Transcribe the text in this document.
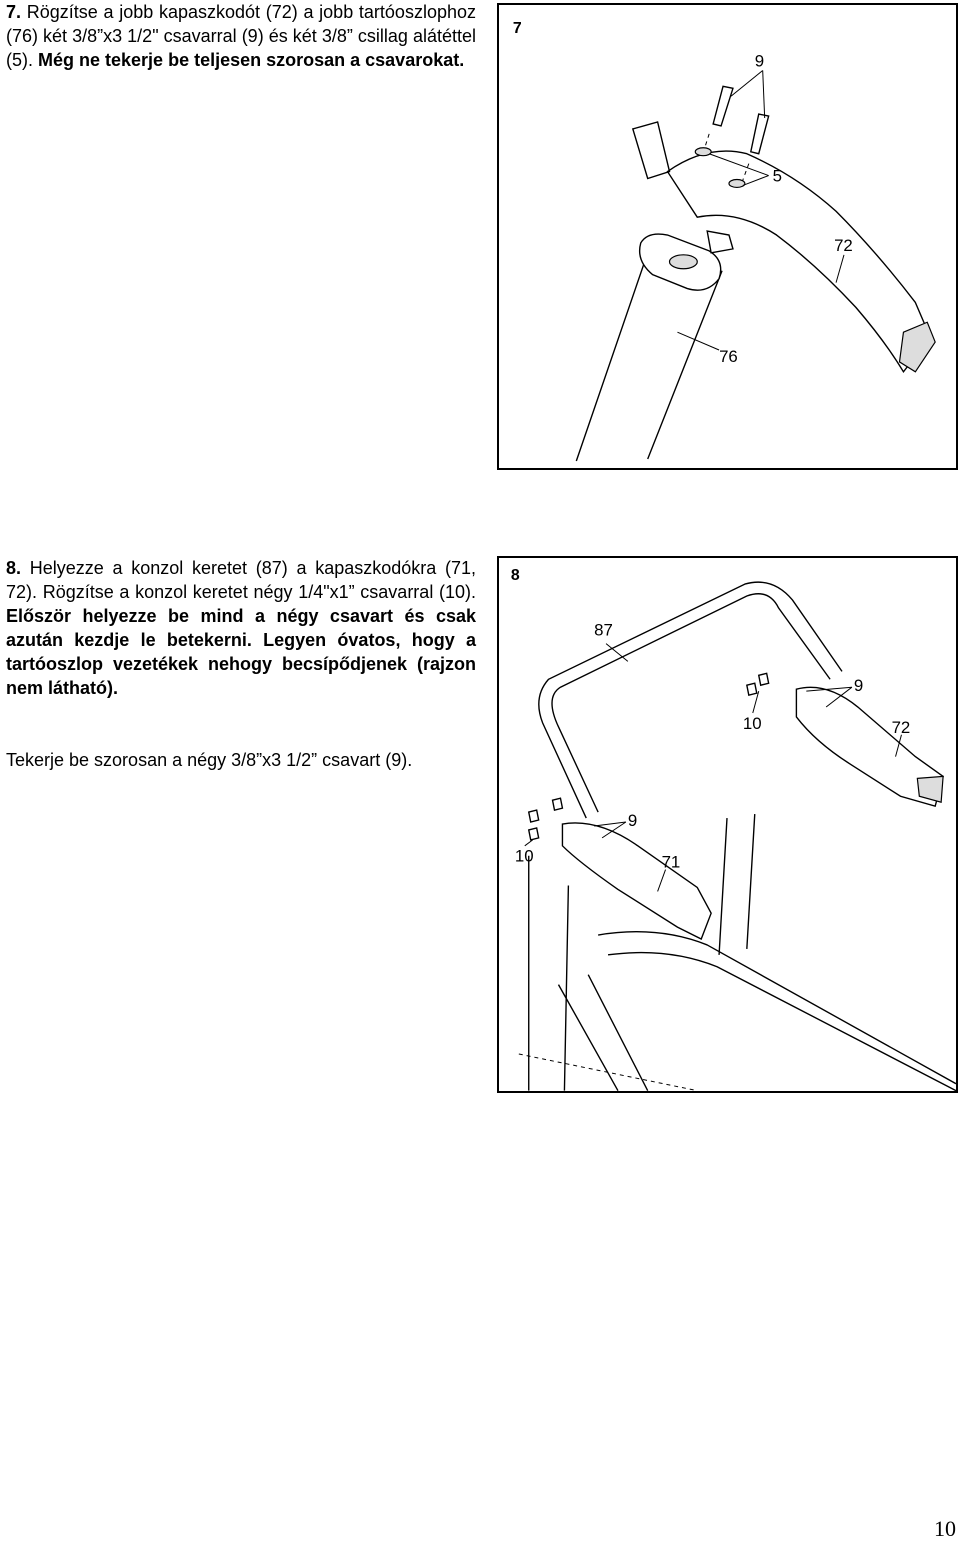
7. Rögzítse a jobb kapaszkodót (72) a jobb tartóoszlophoz (76) két 3/8”x3 1/2" csavarral (9) és két 3/8” csillag alátéttel (5). Még ne tekerje be teljesen szorosan a csavarokat.
7
9
5
72
76
8. Helyezze a konzol keretet (87) a kapaszkodókra (71, 72). Rögzítse a konzol keretet négy 1/4"x1” csavarral (10). Először helyezze be mind a négy csavart és csak azután kezdje le betekerni. Legyen óvatos, hogy a tartóoszlop vezetékek nehogy becsípődjenek (rajzon nem látható).
Tekerje be szorosan a négy 3/8”x3 1/2” csavart (9).
8
87
9
10	72
9
10	71
10
